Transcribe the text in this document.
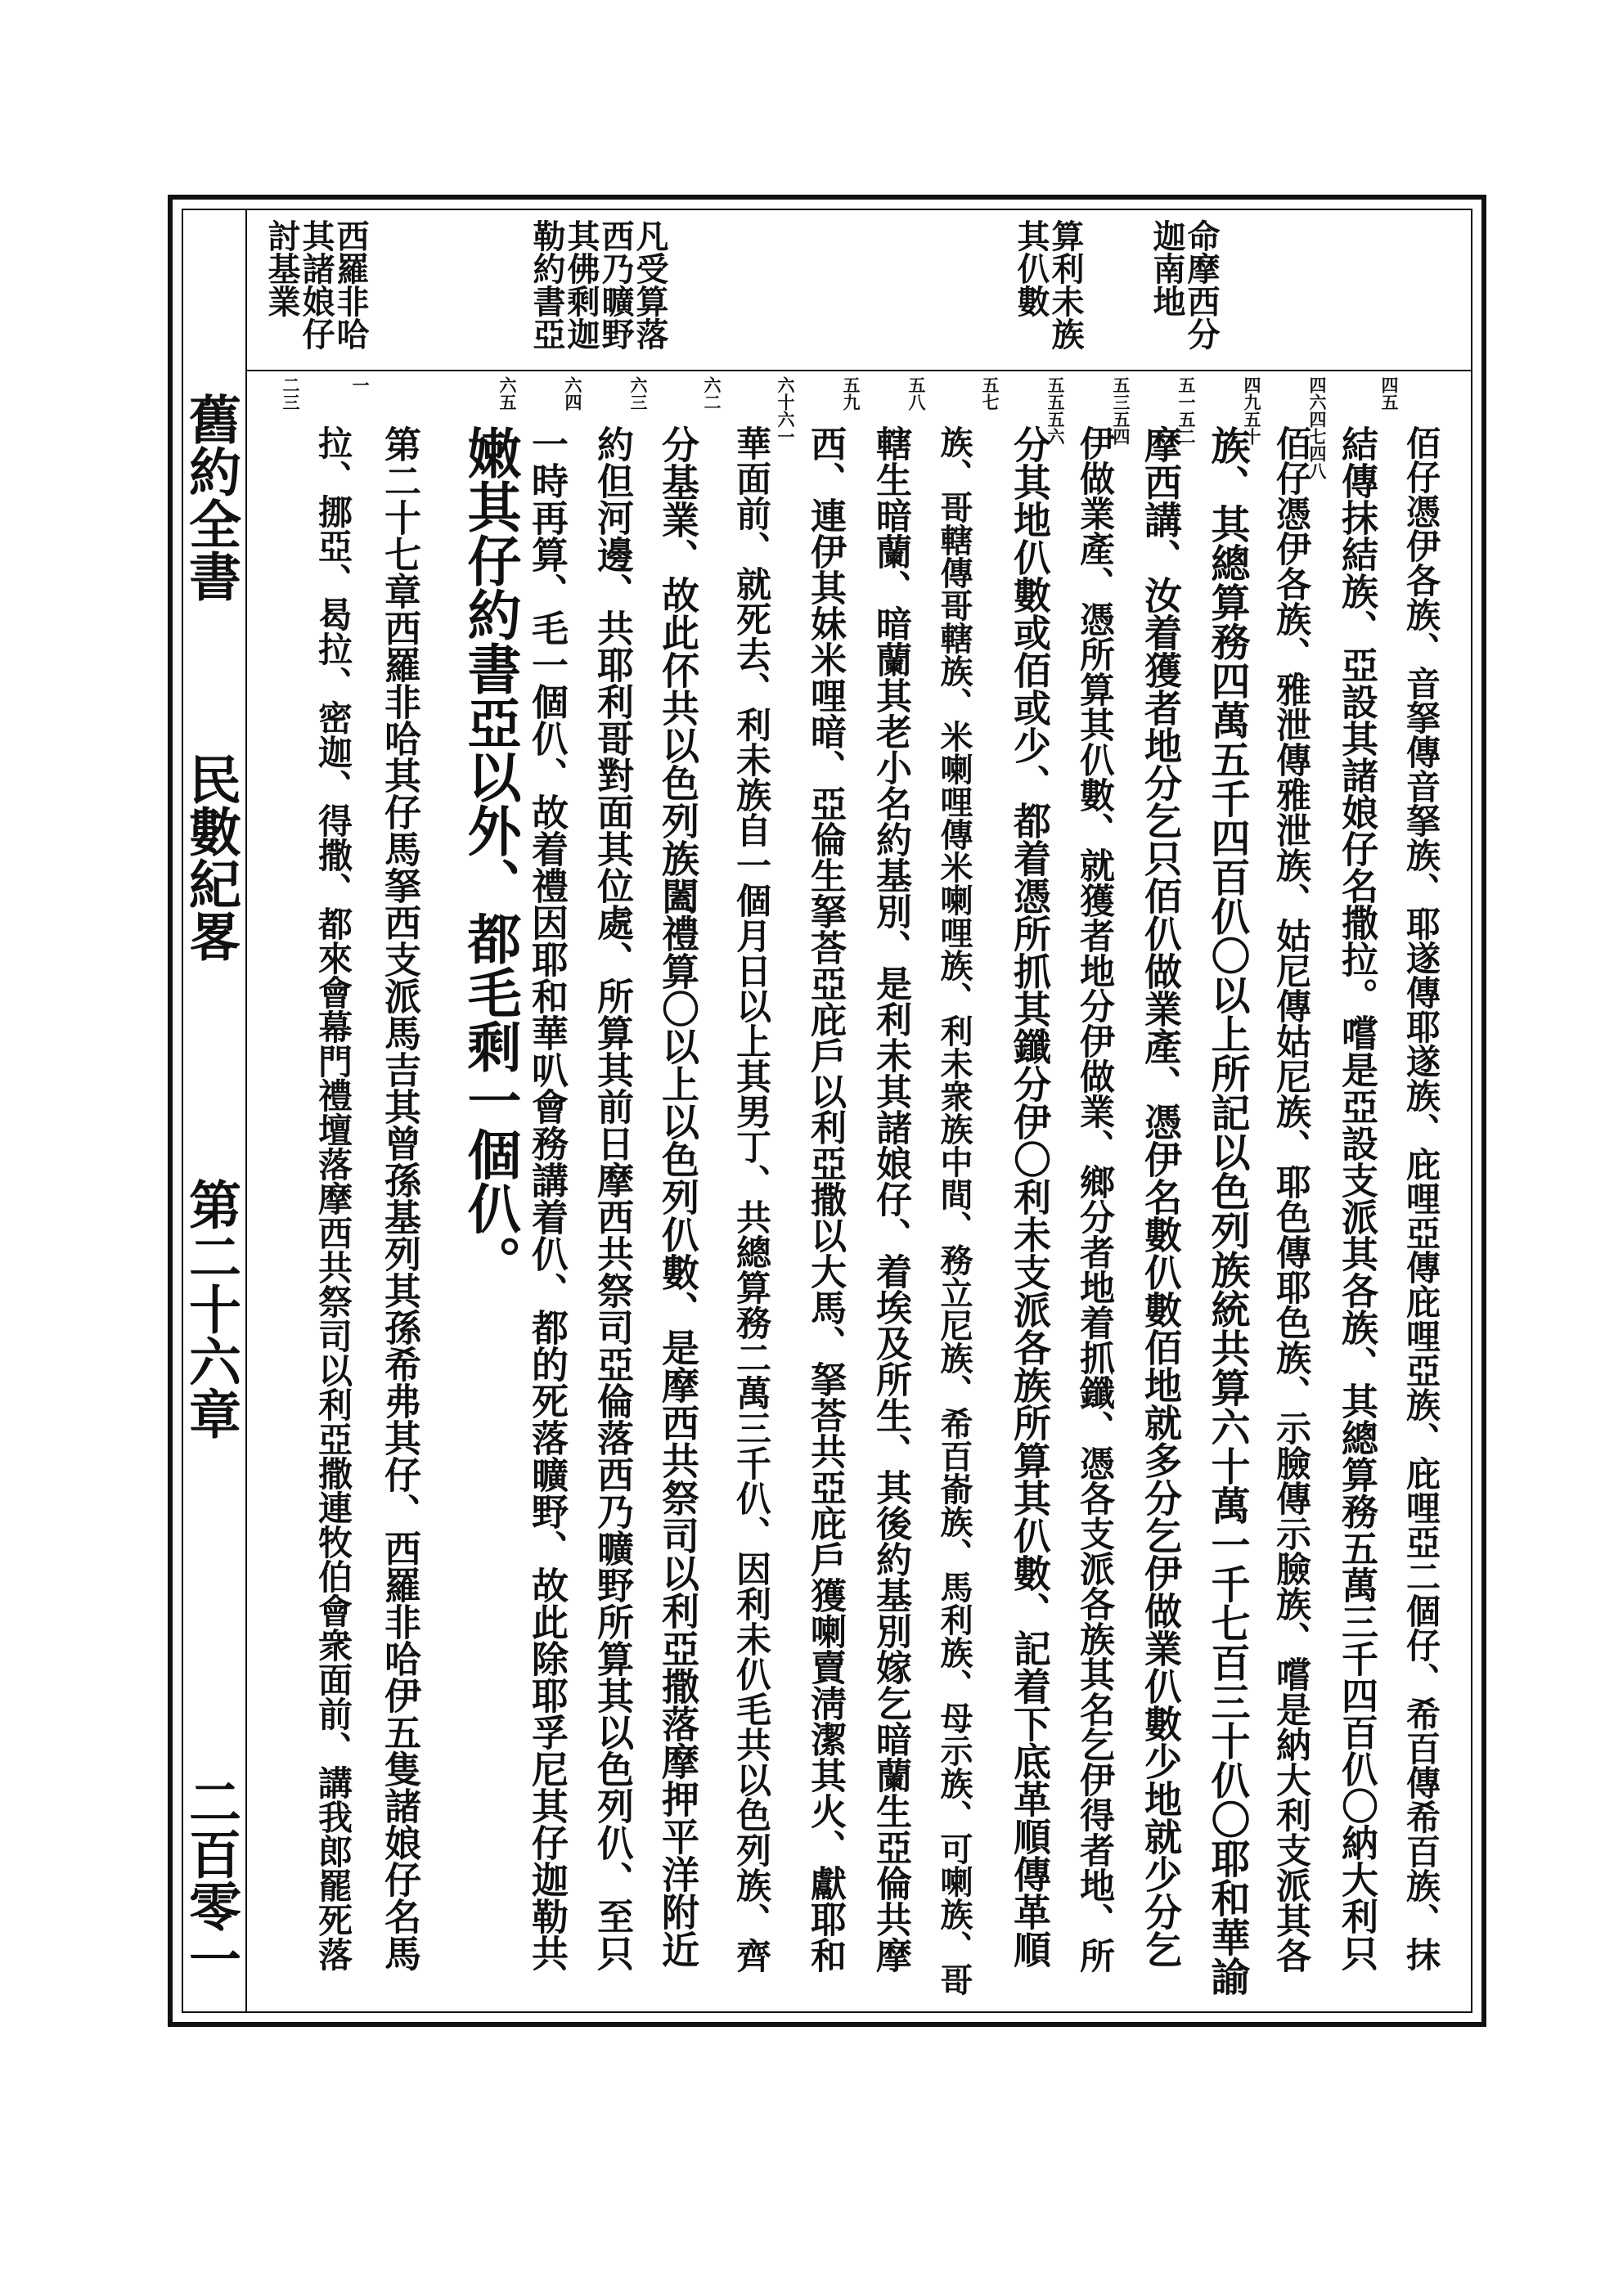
舊約全書
民數紀畧
第二十六章
二百零一
命摩西分
迦南地
算利未族
其仈數
凡受算落
西乃曠野
其佛剩迦
勒約書亞
西羅非哈
其諸娘仔
討基業
四五
四六四七四八
四九五十
五一五二
五三五四
五五五六
五七
五八
五九
六十六一
六二
六三
六四
六五
一
二三
佰仔憑伊各族、音拏傳音拏族、耶遂傳耶遂族、庇哩亞傳庇哩亞族、庇哩亞二個仔、希百傳希百族、抹
結傳抹結族、亞設其諸娘仔名撒拉。嚐是亞設支派其各族、其總算務五萬三千四百仈〇納大利只
佰仔憑伊各族、雅泄傳雅泄族、姑尼傳姑尼族、耶色傳耶色族、示臉傳示臉族、嚐是納大利支派其各
族、其總算務四萬五千四百仈〇以上所記以色列族統共算六十萬一千七百三十仈〇耶和華諭
摩西講、汝着獲者地分乞只佰仈做業產、憑伊名數仈數佰地就多分乞伊做業仈數少地就少分乞
伊做業產、憑所算其仈數、就獲者地分伊做業、鄉分者地着抓鑯、憑各支派各族其名乞伊得者地、所
分其地仈數或佰或少、都着憑所抓其鑯分伊〇利未支派各族所算其仈數、記着下底革順傳革順
族、哥轄傳哥轄族、米喇哩傳米喇哩族、利未衆族中間、務立尼族、希百嵛族、馬利族、母示族、可喇族、哥
轄生暗蘭、暗蘭其老小名約基別、是利未其諸娘仔、着埃及所生、其後約基別嫁乞暗蘭生亞倫共摩
西、連伊其妹米哩暗、亞倫生拏荅亞庇戶以利亞撒以大馬、拏荅共亞庇戶獲喇賣淸潔其火、獻耶和
華面前、就死去、利未族自一個月日以上其男丁、共總算務二萬三千仈、因利未仈毛共以色列族、齊
分基業、故此伓共以色列族闔禮算〇以上以色列仈數、是摩西共祭司以利亞撒落摩押平洋附近
約但河邊、共耶利哥對面其位處、所算其前日摩西共祭司亞倫落西乃曠野所算其以色列仈、至只
一時再算、毛一個仈、故着禮因耶和華叭會務講着仈、都的死落曠野、故此除耶孚尼其仔迦勒共
嫩其仔約書亞以外、都毛剩一個仈。
第二十七章西羅非哈其仔馬拏西支派馬吉其曾孫基列其孫希弗其仔、西羅非哈伊五隻諸娘仔名馬
拉、挪亞、曷拉、密迦、得撒、都來會幕門禮壇落摩西共祭司以利亞撒連牧伯會衆面前、講我郎罷死落
